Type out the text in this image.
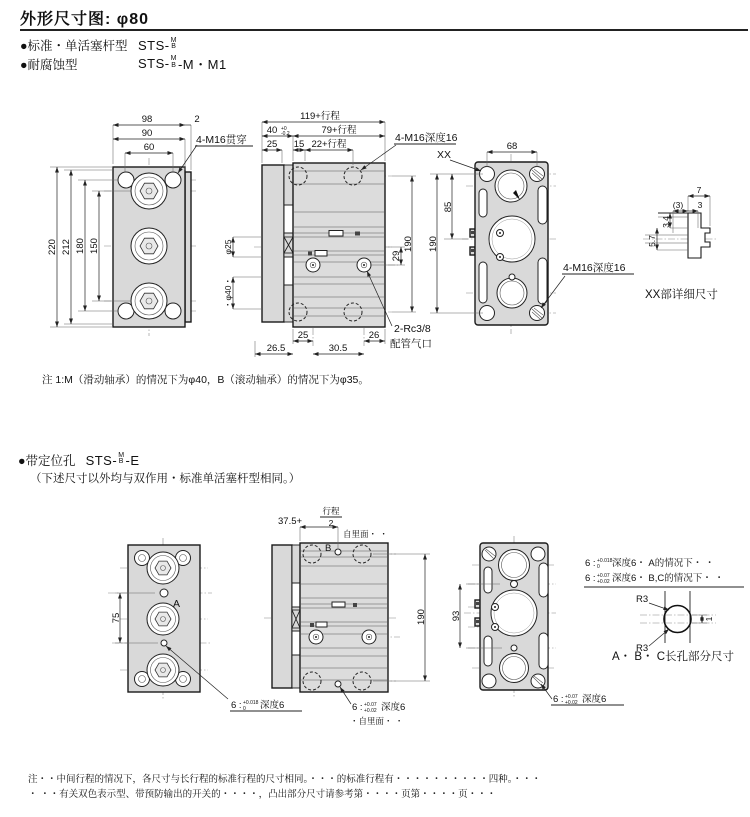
外形尺寸图: φ80
●标准・单活塞杆型 STS- M
B
●耐腐蚀型	STS- M
B -M・M1
注 1:M（滑动轴承）的情况下为φ40，B（滚动轴承）的情况下为φ35。
●带定位孔 STS- M
B -E
（下述尺寸以外均与双作用・标准单活塞杆型相同。）
注・・中间行程的情况下，各尺寸与长行程的标准行程的尺寸相同。・・・的标准行程有・・・・・・・・・・四种。・・・
・ ・・有关双色表示型、带预防输出的开关的・・・・，凸出部分尺寸请参考第・・・・页第・・・・页・・・
98	2
90
60
220 212 180 150
4-M16贯穿
119+行程
40 +0
-0.2	79+行程
25 15 22+行程
φ25
・φ40・
29
190
25	26
26.5	30.5
4-M16深度16
2-Rc3/8
配管气口
68
85
190
XX
4-M16深度16
7
(3) 3
3.4
5.7
XX部详细尺寸
75
A
6 : +0.018
0 深度6
37.5+
行程
2
自里面・ ・
B
190
6 : +0.07
+0.02 深度6
・自里面・ ・
93
6 : +0.07
+0.02 深度6
6 : +0.018
0 深度6・ A的情况下・ ・
6 : +0.07
+0.02 深度6・ B,C的情况下・ ・
R3
R3
1
A・ B・ C长孔部分尺寸
